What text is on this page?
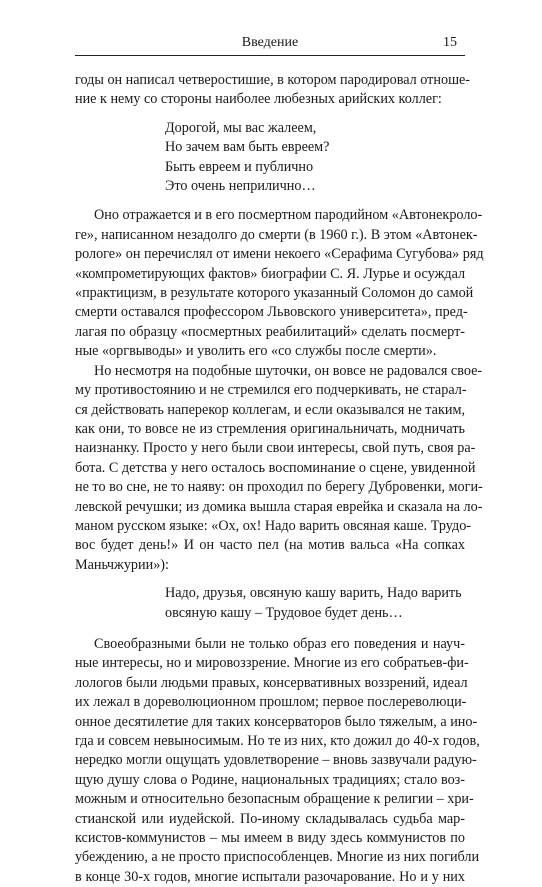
Введение	15
годы он написал четверостишие, в котором пародировал отноше-
ние к нему со стороны наиболее любезных арийских коллег:
Дорогой, мы вас жалеем,
Но зачем вам быть евреем?
Быть евреем и публично
Это очень неприлично…
Оно отражается и в его посмертном пародийном «Автонекроло-
ге», написанном незадолго до смерти (в 1960 г.). В этом «Автонек-
рологе» он перечислял от имени некоего «Серафима Сугубова» ряд
«компрометирующих фактов» биографии С. Я. Лурье и осуждал
«практицизм, в результате которого указанный Соломон до самой
смерти оставался профессором Львовского университета», пред-
лагая по образцу «посмертных реабилитаций» сделать посмерт-
ные «оргвыводы» и уволить его «со службы после смерти».
Но несмотря на подобные шуточки, он вовсе не радовался свое-
му противостоянию и не стремился его подчеркивать, не старал-
ся действовать наперекор коллегам, и если оказывался не таким,
как они, то вовсе не из стремления оригинальничать, модничать
наизнанку. Просто у него были свои интересы, свой путь, своя ра-
бота. С детства у него осталось воспоминание о сцене, увиденной
не то во сне, не то наяву: он проходил по берегу Дубровенки, моги-
левской речушки; из домика вышла старая еврейка и сказала на ло-
маном русском языке: «Ох, ох! Надо варить овсяная каше. Трудо-
вос будет день!» И он часто пел (на мотив вальса «На сопках
Маньчжурии»):
Надо, друзья, овсяную кашу варить, Надо варить овсяную кашу – Трудовое будет день…
Своеобразными были не только образ его поведения и науч-
ные интересы, но и мировоззрение. Многие из его собратьев-фи-
лологов были людьми правых, консервативных воззрений, идеал
их лежал в дореволюционном прошлом; первое послереволюци-
онное десятилетие для таких консерваторов было тяжелым, а ино-
гда и совсем невыносимым. Но те из них, кто дожил до 40-х годов,
нередко могли ощущать удовлетворение – вновь зазвучали радую-
щую душу слова о Родине, национальных традициях; стало воз-
можным и относительно безопасным обращение к религии – хри-
стианской или иудейской. По-иному складывалась судьба мар-
ксистов-коммунистов – мы имеем в виду здесь коммунистов по
убеждению, а не просто приспособленцев. Многие из них погибли
в конце 30-х годов, многие испытали разочарование. Но и у них
